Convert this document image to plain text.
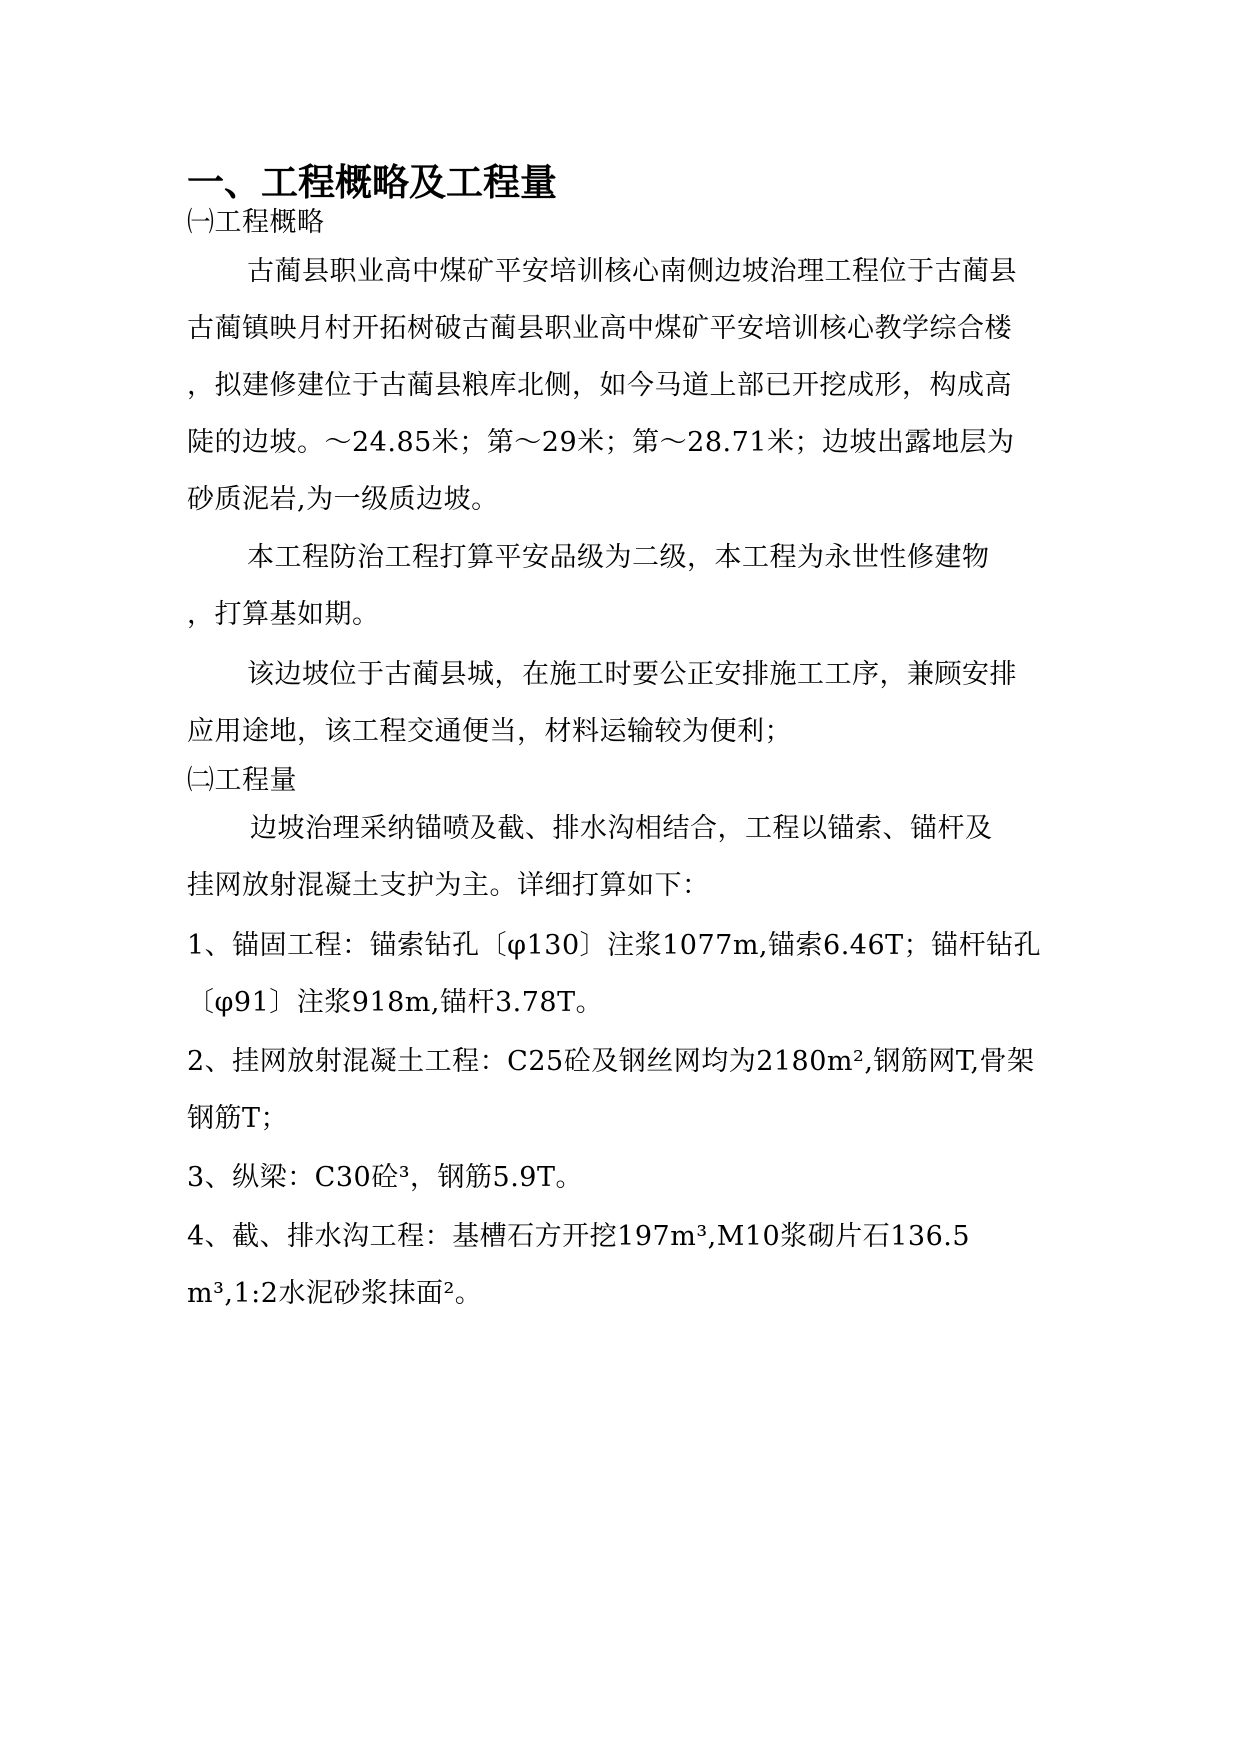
一、工程概略及工程量
㈠工程概略
古蔺县职业高中煤矿平安培训核心南侧边坡治理工程位于古蔺县
古蔺镇映月村开拓树破古蔺县职业高中煤矿平安培训核心教学综合楼
，拟建修建位于古蔺县粮库北侧，如今马道上部已开挖成形，构成高
陡的边坡。～24.85米；第～29米；第～28.71米；边坡出露地层为
砂质泥岩,为一级质边坡。
本工程防治工程打算平安品级为二级，本工程为永世性修建物
，打算基如期。
该边坡位于古蔺县城，在施工时要公正安排施工工序，兼顾安排
应用途地，该工程交通便当，材料运输较为便利；
㈡工程量
边坡治理采纳锚喷及截、排水沟相结合，工程以锚索、锚杆及
挂网放射混凝土支护为主。详细打算如下：
1、锚固工程：锚索钻孔〔φ130〕注浆1077m,锚索6.46T；锚杆钻孔
〔φ91〕注浆918m,锚杆3.78T。
2、挂网放射混凝土工程：C25砼及钢丝网均为2180m²,钢筋网T,骨架
钢筋T；
3、纵梁：C30砼³，钢筋5.9T。
4、截、排水沟工程：基槽石方开挖197m³,M10浆砌片石136.5
m³,1:2水泥砂浆抹面²。
